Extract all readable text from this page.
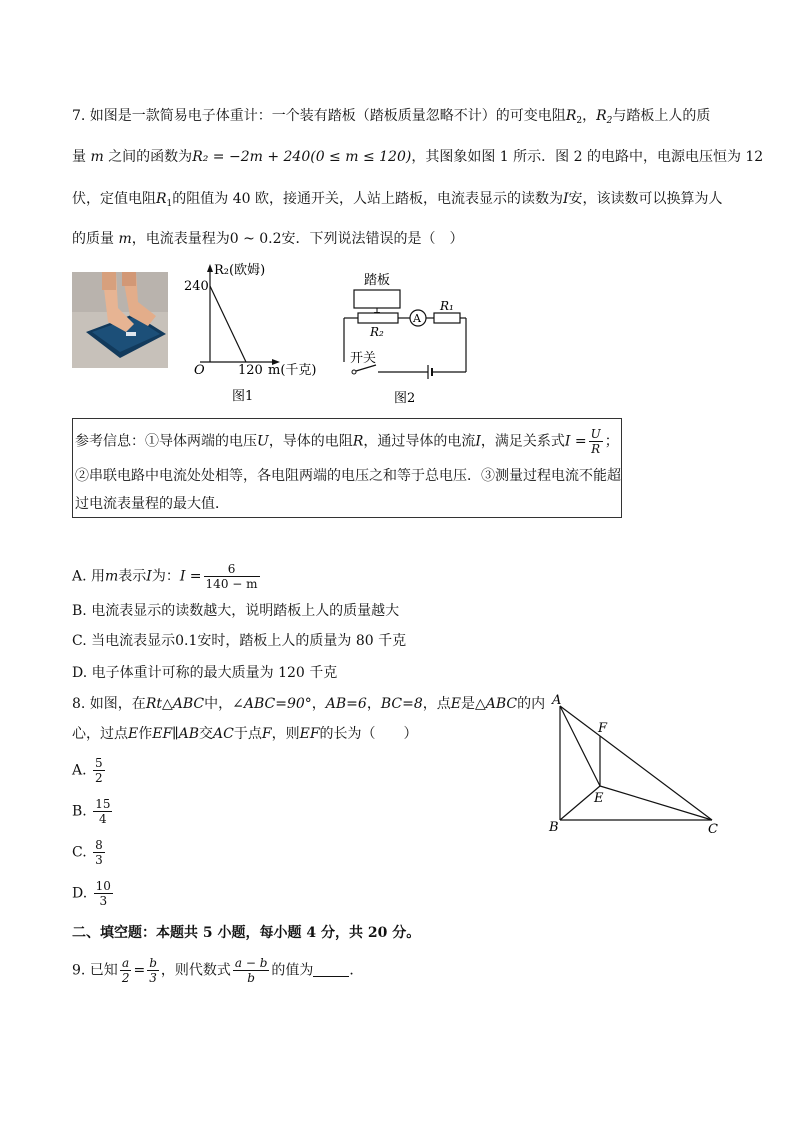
7. 如图是一款简易电子体重计：一个装有踏板（踏板质量忽略不计）的可变电阻$R_2$，$R_2$与踏板上人的质
量 m 之间的函数为R₂ = −2m + 240(0 ≤ m ≤ 120)，其图象如图 1 所示．图 2 的电路中，电源电压恒为 12
伏，定值电阻$R_1$的阻值为 40 欧，接通开关，人站上踏板，电流表显示的读数为I安，该读数可以换算为人
的质量 m，电流表量程为0 ~ 0.2安．下列说法错误的是（　）
R₂(欧姆)
240
O	120 m(千克)
图1
踏板
R₂
A
R₁
开关
图2
参考信息：①导体两端的电压U，导体的电阻R，通过导体的电流I，满足关系式$I = \frac{U}{R}$ ；
②串联电路中电流处处相等，各电阻两端的电压之和等于总电压．③测量过程电流不能超
过电流表量程的最大值．
A. 用m表示I为：$I = \frac{6}{140 - m}$
B. 电流表显示的读数越大，说明踏板上人的质量越大
C. 当电流表显示0.1安时，踏板上人的质量为 80 千克
D. 电子体重计可称的最大质量为 120 千克
8. 如图，在Rt△ABC中，∠ABC=90°，AB=6，BC=8，点E是△ABC的内
心，过点E作EF∥AB交AC于点F，则EF的长为（　　）
A. $\frac{5}{2}$
B. $\frac{15}{4}$
C. $\frac{8}{3}$
D. $\frac{10}{3}$
A
B	C
F
E
二、填空题：本题共 5 小题，每小题 4 分，共 20 分。
9. 已知 $\frac{a}{2} = \frac{b}{3}$ ，则代数式 $\frac{a - b}{b}$ 的值为	．
